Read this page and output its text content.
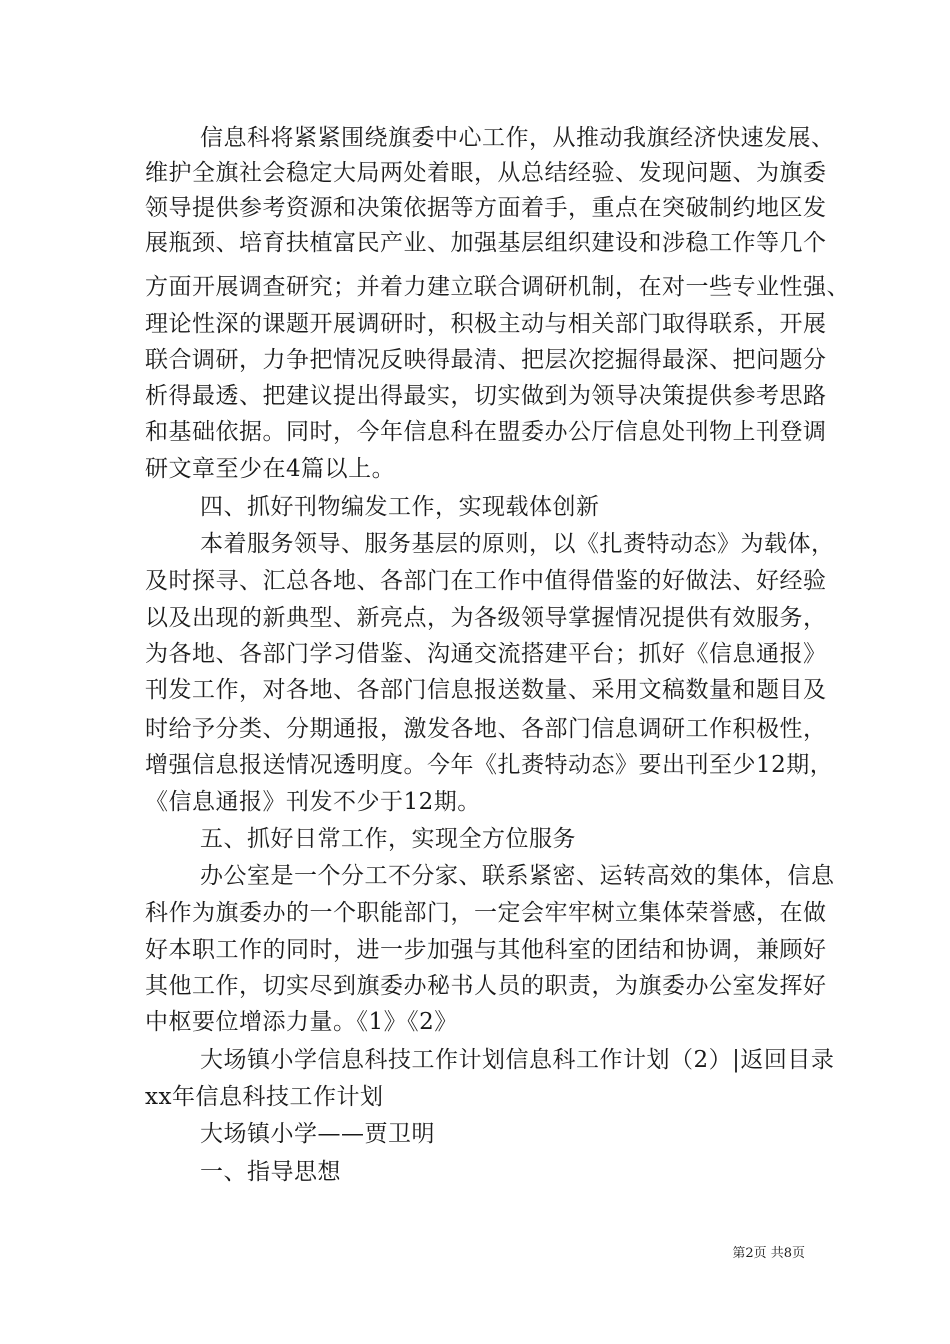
信息科将紧紧围绕旗委中心工作，从推动我旗经济快速发展、
维护全旗社会稳定大局两处着眼，从总结经验、发现问题、为旗委
领导提供参考资源和决策依据等方面着手，重点在突破制约地区发
展瓶颈、培育扶植富民产业、加强基层组织建设和涉稳工作等几个
方面开展调查研究；并着力建立联合调研机制，在对一些专业性强、
理论性深的课题开展调研时，积极主动与相关部门取得联系，开展
联合调研，力争把情况反映得最清、把层次挖掘得最深、把问题分
析得最透、把建议提出得最实，切实做到为领导决策提供参考思路
和基础依据。同时，今年信息科在盟委办公厅信息处刊物上刊登调
研文章至少在4篇以上。
四、抓好刊物编发工作，实现载体创新
本着服务领导、服务基层的原则，以《扎赉特动态》为载体，
及时探寻、汇总各地、各部门在工作中值得借鉴的好做法、好经验
以及出现的新典型、新亮点，为各级领导掌握情况提供有效服务，
为各地、各部门学习借鉴、沟通交流搭建平台；抓好《信息通报》
刊发工作，对各地、各部门信息报送数量、采用文稿数量和题目及
时给予分类、分期通报，激发各地、各部门信息调研工作积极性，
增强信息报送情况透明度。今年《扎赉特动态》要出刊至少12期，
《信息通报》刊发不少于12期。
五、抓好日常工作，实现全方位服务
办公室是一个分工不分家、联系紧密、运转高效的集体，信息
科作为旗委办的一个职能部门，一定会牢牢树立集体荣誉感，在做
好本职工作的同时，进一步加强与其他科室的团结和协调，兼顾好
其他工作，切实尽到旗委办秘书人员的职责，为旗委办公室发挥好
中枢要位增添力量。《1》《2》
大场镇小学信息科技工作计划信息科工作计划（2）|返回目录
xx年信息科技工作计划
大场镇小学——贾卫明
一、指导思想
第2页 共8页
